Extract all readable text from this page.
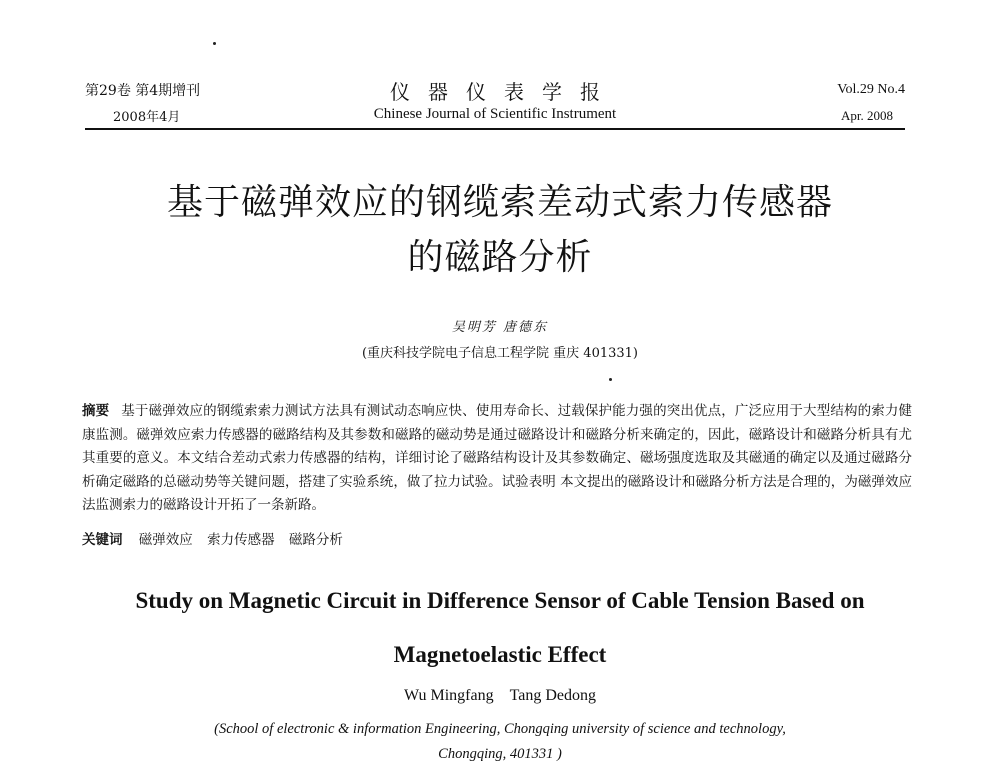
第29卷 第4期增刊
2008年4月
仪器仪表学报
Chinese Journal of Scientific Instrument
Vol.29 No.4
Apr. 2008
基于磁弹效应的钢缆索差动式索力传感器
的磁路分析
吴明芳 唐德东
(重庆科技学院电子信息工程学院 重庆 401331)
摘要 基于磁弹效应的钢缆索索力测试方法具有测试动态响应快、使用寿命长、过载保护能力强的突出优点，广泛应用于大型结构的索力健康监测。磁弹效应索力传感器的磁路结构及其参数和磁路的磁动势是通过磁路设计和磁路分析来确定的，因此，磁路设计和磁路分析具有尤其重要的意义。本文结合差动式索力传感器的结构，详细讨论了磁路结构设计及其参数确定、磁场强度选取及其磁通的确定以及通过磁路分析确定磁路的总磁动势等关键问题，搭建了实验系统，做了拉力试验。试验表明 本文提出的磁路设计和磁路分析方法是合理的，为磁弹效应法监测索力的磁路设计开拓了一条新路。
关键词 磁弹效应 索力传感器 磁路分析
Study on Magnetic Circuit in Difference Sensor of Cable Tension Based on
Magnetoelastic Effect
Wu Mingfang Tang Dedong
(School of electronic & information Engineering, Chongqing university of science and technology,
Chongqing, 401331 )
